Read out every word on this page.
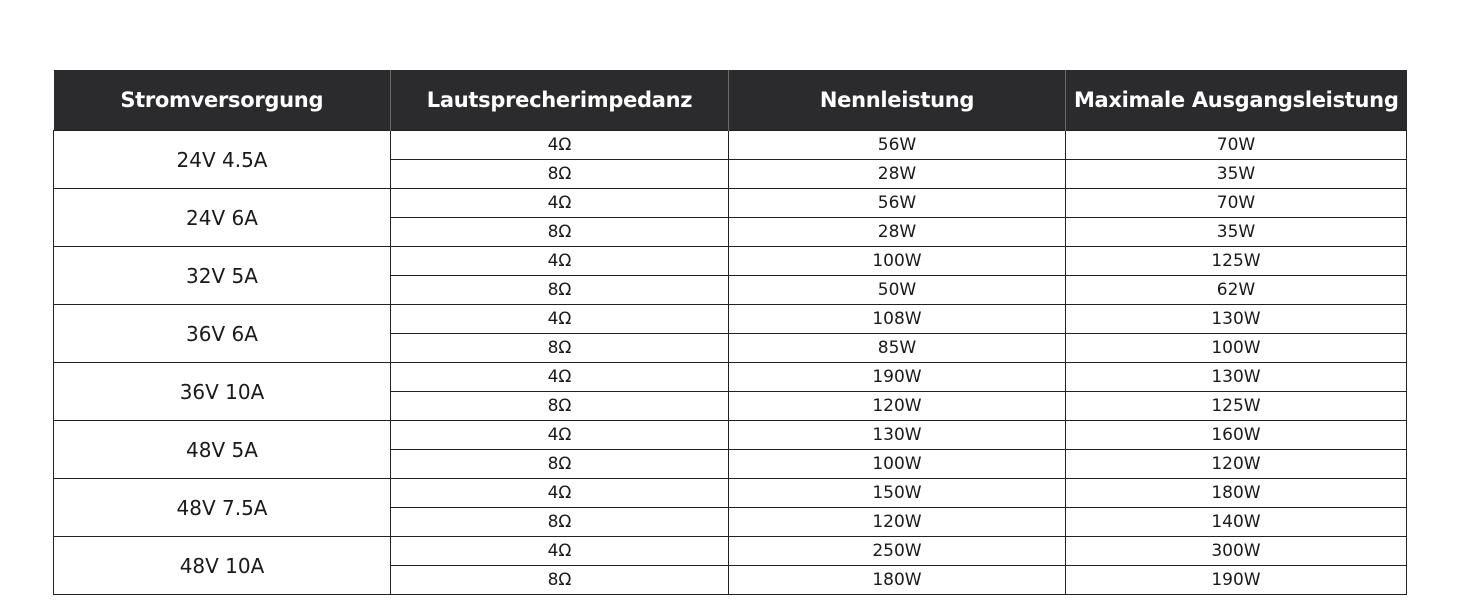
Stromversorgung	Lautsprecherimpedanz	Nennleistung	Maximale Ausgangsleistung
24V 4.5A	4Ω	56W	70W
	8Ω	28W	35W
24V 6A	4Ω	56W	70W
	8Ω	28W	35W
32V 5A	4Ω	100W	125W
	8Ω	50W	62W
36V 6A	4Ω	108W	130W
	8Ω	85W	100W
36V 10A	4Ω	190W	130W
	8Ω	120W	125W
48V 5A	4Ω	130W	160W
	8Ω	100W	120W
48V 7.5A	4Ω	150W	180W
	8Ω	120W	140W
48V 10A	4Ω	250W	300W
	8Ω	180W	190W
